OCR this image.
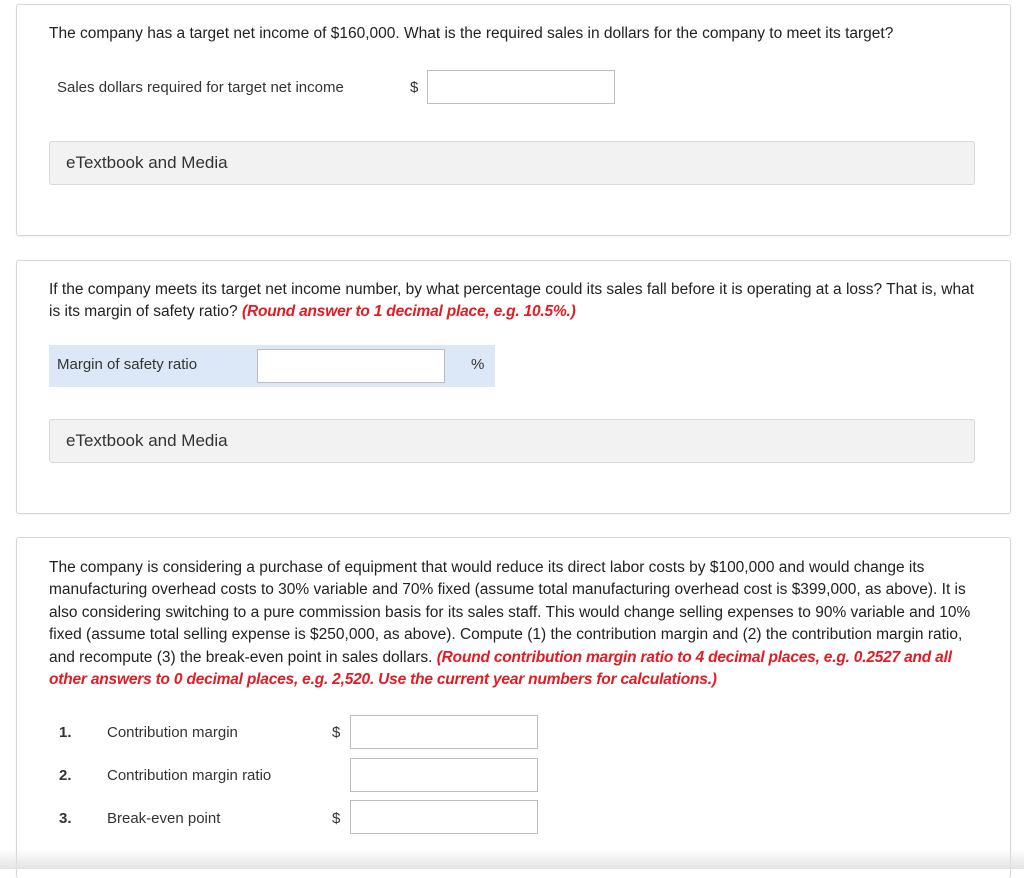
The company has a target net income of $160,000. What is the required sales in dollars for the company to meet its target?
Sales dollars required for target net income	$
eTextbook and Media
If the company meets its target net income number, by what percentage could its sales fall before it is operating at a loss? That is, what is its margin of safety ratio? (Round answer to 1 decimal place, e.g. 10.5%.)
Margin of safety ratio	%
eTextbook and Media
The company is considering a purchase of equipment that would reduce its direct labor costs by $100,000 and would change its manufacturing overhead costs to 30% variable and 70% fixed (assume total manufacturing overhead cost is $399,000, as above). It is also considering switching to a pure commission basis for its sales staff. This would change selling expenses to 90% variable and 10% fixed (assume total selling expense is $250,000, as above). Compute (1) the contribution margin and (2) the contribution margin ratio, and recompute (3) the break-even point in sales dollars. (Round contribution margin ratio to 4 decimal places, e.g. 0.2527 and all other answers to 0 decimal places, e.g. 2,520. Use the current year numbers for calculations.)
1. Contribution margin	$
2. Contribution margin ratio
3. Break-even point	$
